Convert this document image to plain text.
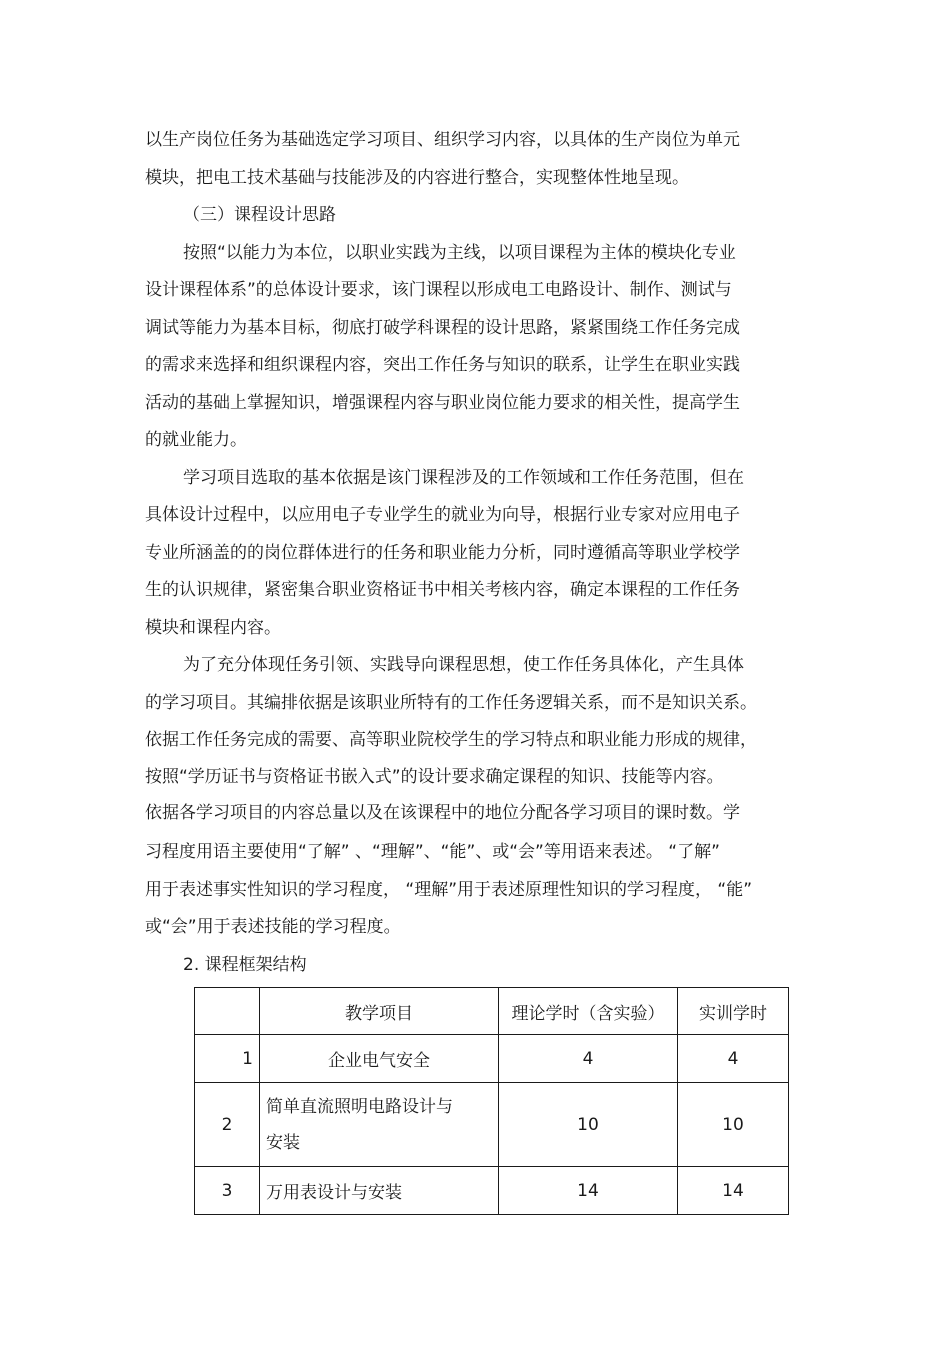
以生产岗位任务为基础选定学习项目、组织学习内容，以具体的生产岗位为单元
模块，把电工技术基础与技能涉及的内容进行整合，实现整体性地呈现。
（三）课程设计思路
按照“以能力为本位，以职业实践为主线，以项目课程为主体的模块化专业
设计课程体系”的总体设计要求，该门课程以形成电工电路设计、制作、测试与
调试等能力为基本目标，彻底打破学科课程的设计思路，紧紧围绕工作任务完成
的需求来选择和组织课程内容，突出工作任务与知识的联系，让学生在职业实践
活动的基础上掌握知识，增强课程内容与职业岗位能力要求的相关性，提高学生
的就业能力。
学习项目选取的基本依据是该门课程涉及的工作领域和工作任务范围，但在
具体设计过程中，以应用电子专业学生的就业为向导，根据行业专家对应用电子
专业所涵盖的的岗位群体进行的任务和职业能力分析，同时遵循高等职业学校学
生的认识规律，紧密集合职业资格证书中相关考核内容，确定本课程的工作任务
模块和课程内容。
为了充分体现任务引领、实践导向课程思想，使工作任务具体化，产生具体
的学习项目。其编排依据是该职业所特有的工作任务逻辑关系，而不是知识关系。
依据工作任务完成的需要、高等职业院校学生的学习特点和职业能力形成的规律，
按照“学历证书与资格证书嵌入式”的设计要求确定课程的知识、技能等内容。
依据各学习项目的内容总量以及在该课程中的地位分配各学习项目的课时数。学
习程度用语主要使用“了解” 、“理解”、“能”、或“会”等用语来表述。 “了解”
用于表述事实性知识的学习程度， “理解”用于表述原理性知识的学习程度， “能”
或“会”用于表述技能的学习程度。
2. 课程框架结构
	教学项目	理论学时（含实验）	实训学时
1	企业电气安全	4	4
2	简单直流照明电路设计与
安装	10	10
3	万用表设计与安装	14	14
